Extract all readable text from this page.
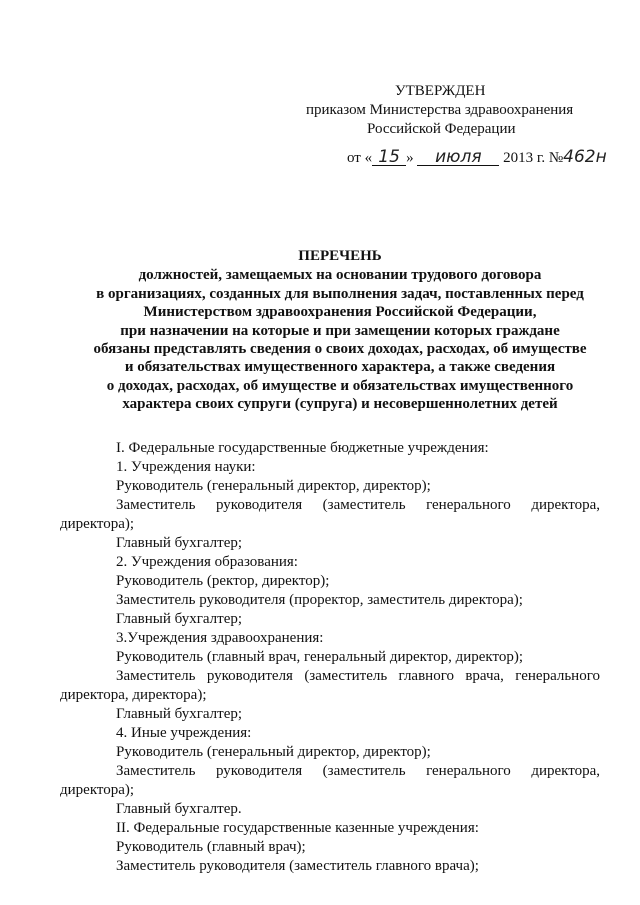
УТВЕРЖДЕН
приказом Министерства здравоохранения
Российской Федерации
от « 15 » июля 2013 г. №462н
ПЕРЕЧЕНЬ
должностей, замещаемых на основании трудового договора
в организациях, созданных для выполнения задач, поставленных перед
Министерством здравоохранения Российской Федерации,
при назначении на которые и при замещении которых граждане
обязаны представлять сведения о своих доходах, расходах, об имуществе
и обязательствах имущественного характера, а также сведения
о доходах, расходах, об имуществе и обязательствах имущественного
характера своих супруги (супруга) и несовершеннолетних детей
I. Федеральные государственные бюджетные учреждения:
1. Учреждения науки:
Руководитель (генеральный директор, директор);
Заместитель руководителя (заместитель генерального директора,
директора);
Главный бухгалтер;
2. Учреждения образования:
Руководитель (ректор, директор);
Заместитель руководителя (проректор, заместитель директора);
Главный бухгалтер;
3.Учреждения здравоохранения:
Руководитель (главный врач, генеральный директор, директор);
Заместитель руководителя (заместитель главного врача, генерального
директора, директора);
Главный бухгалтер;
4. Иные учреждения:
Руководитель (генеральный директор, директор);
Заместитель руководителя (заместитель генерального директора,
директора);
Главный бухгалтер.
II. Федеральные государственные казенные учреждения:
Руководитель (главный врач);
Заместитель руководителя (заместитель главного врача);
